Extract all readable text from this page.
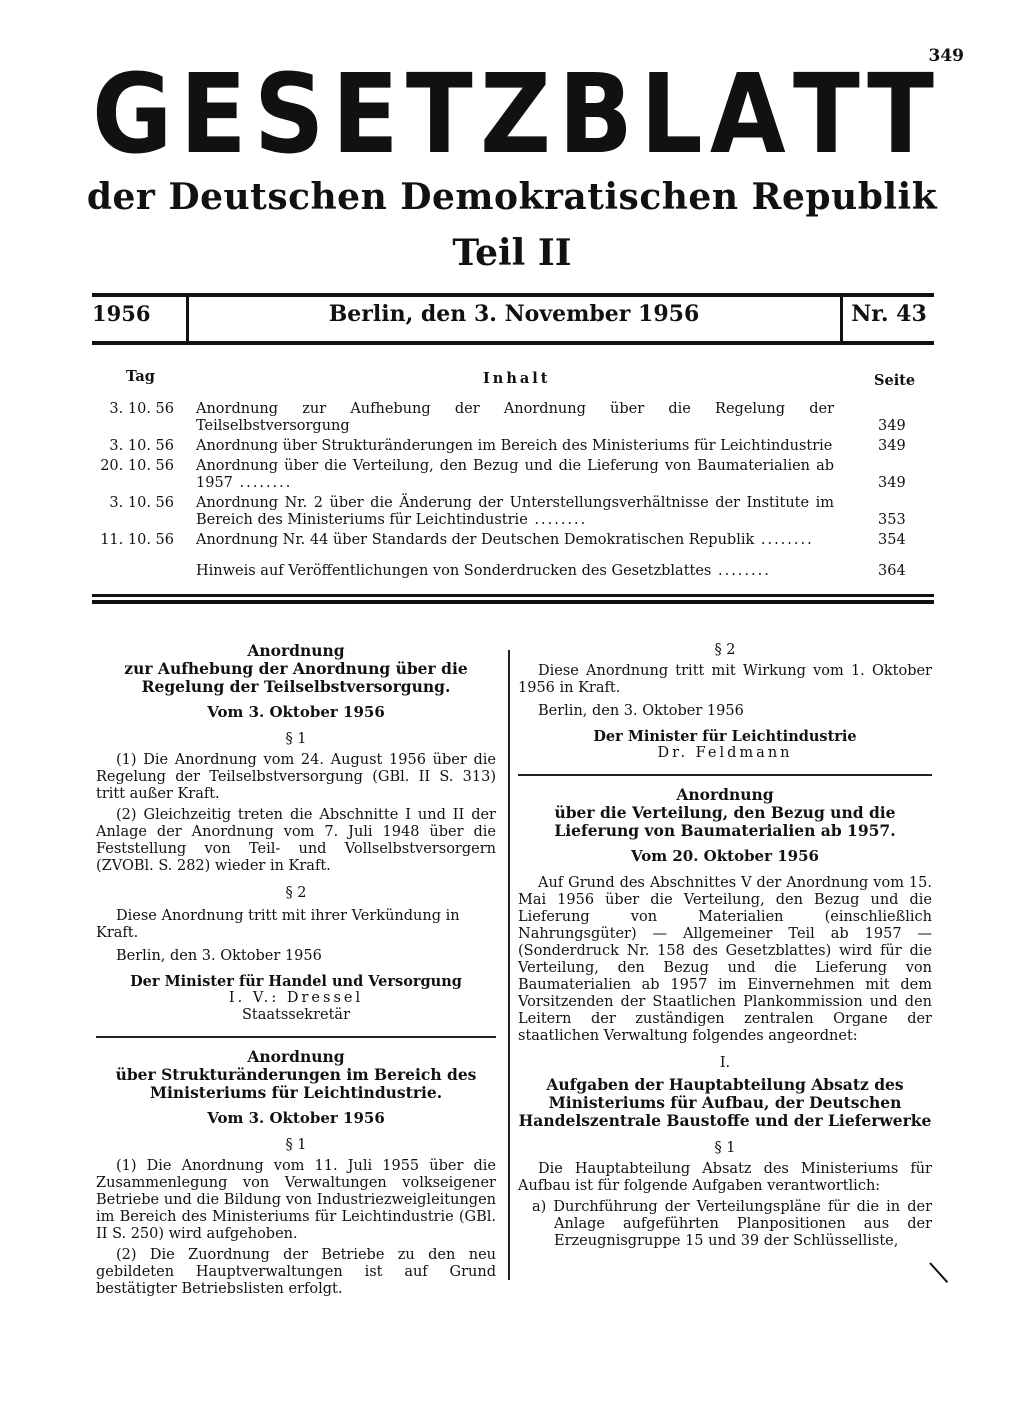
349
G E S E T Z B L A T T
der Deutschen Demokratischen Republik
Teil II
1956	Berlin, den 3. November 1956	Nr. 43
Tag	Inhalt	Seite
3. 10. 56 Anordnung zur Aufhebung der Anordnung über die Regelung der Teilselbstversorgung	349
3. 10. 56 Anordnung über Strukturänderungen im Bereich des Ministeriums für Leichtindustrie	349
20. 10. 56 Anordnung über die Verteilung, den Bezug und die Lieferung von Baumaterialien ab 1957 ........	349
3. 10. 56 Anordnung Nr. 2 über die Änderung der Unterstellungsverhältnisse der Institute im Bereich des Ministeriums für Leichtindustrie ........	353
11. 10. 56 Anordnung Nr. 44 über Standards der Deutschen Demokratischen Republik ........	354
Hinweis auf Veröffentlichungen von Sonderdrucken des Gesetzblattes ........	364
Anordnung
zur Aufhebung der Anordnung über die Regelung der Teilselbstversorgung.
Vom 3. Oktober 1956
§ 1
(1) Die Anordnung vom 24. August 1956 über die Regelung der Teilselbstversorgung (GBl. II S. 313) tritt außer Kraft.
(2) Gleichzeitig treten die Abschnitte I und II der Anlage der Anordnung vom 7. Juli 1948 über die Feststellung von Teil- und Vollselbstversorgern (ZVOBl. S. 282) wieder in Kraft.
§ 2
Diese Anordnung tritt mit ihrer Verkündung in Kraft.
Berlin, den 3. Oktober 1956
Der Minister für Handel und Versorgung
I. V.: Dressel
Staatssekretär
Anordnung
über Strukturänderungen im Bereich des Ministeriums für Leichtindustrie.
Vom 3. Oktober 1956
§ 1
(1) Die Anordnung vom 11. Juli 1955 über die Zusammenlegung von Verwaltungen volkseigener Betriebe und die Bildung von Industriezweigleitungen im Bereich des Ministeriums für Leichtindustrie (GBl. II S. 250) wird aufgehoben.
(2) Die Zuordnung der Betriebe zu den neu gebildeten Hauptverwaltungen ist auf Grund bestätigter Betriebslisten erfolgt.
§ 2
Diese Anordnung tritt mit Wirkung vom 1. Oktober 1956 in Kraft.
Berlin, den 3. Oktober 1956
Der Minister für Leichtindustrie
Dr. Feldmann
Anordnung
über die Verteilung, den Bezug und die Lieferung von Baumaterialien ab 1957.
Vom 20. Oktober 1956
Auf Grund des Abschnittes V der Anordnung vom 15. Mai 1956 über die Verteilung, den Bezug und die Lieferung von Materialien (einschließlich Nahrungsgüter) — Allgemeiner Teil ab 1957 — (Sonderdruck Nr. 158 des Gesetzblattes) wird für die Verteilung, den Bezug und die Lieferung von Baumaterialien ab 1957 im Einvernehmen mit dem Vorsitzenden der Staatlichen Plankommission und den Leitern der zuständigen zentralen Organe der staatlichen Verwaltung folgendes angeordnet:
I.
Aufgaben der Hauptabteilung Absatz des Ministeriums für Aufbau, der Deutschen Handelszentrale Baustoffe und der Lieferwerke
§ 1
Die Hauptabteilung Absatz des Ministeriums für Aufbau ist für folgende Aufgaben verantwortlich:
a) Durchführung der Verteilungspläne für die in der Anlage aufgeführten Planpositionen aus der Erzeugnisgruppe 15 und 39 der Schlüsselliste,
